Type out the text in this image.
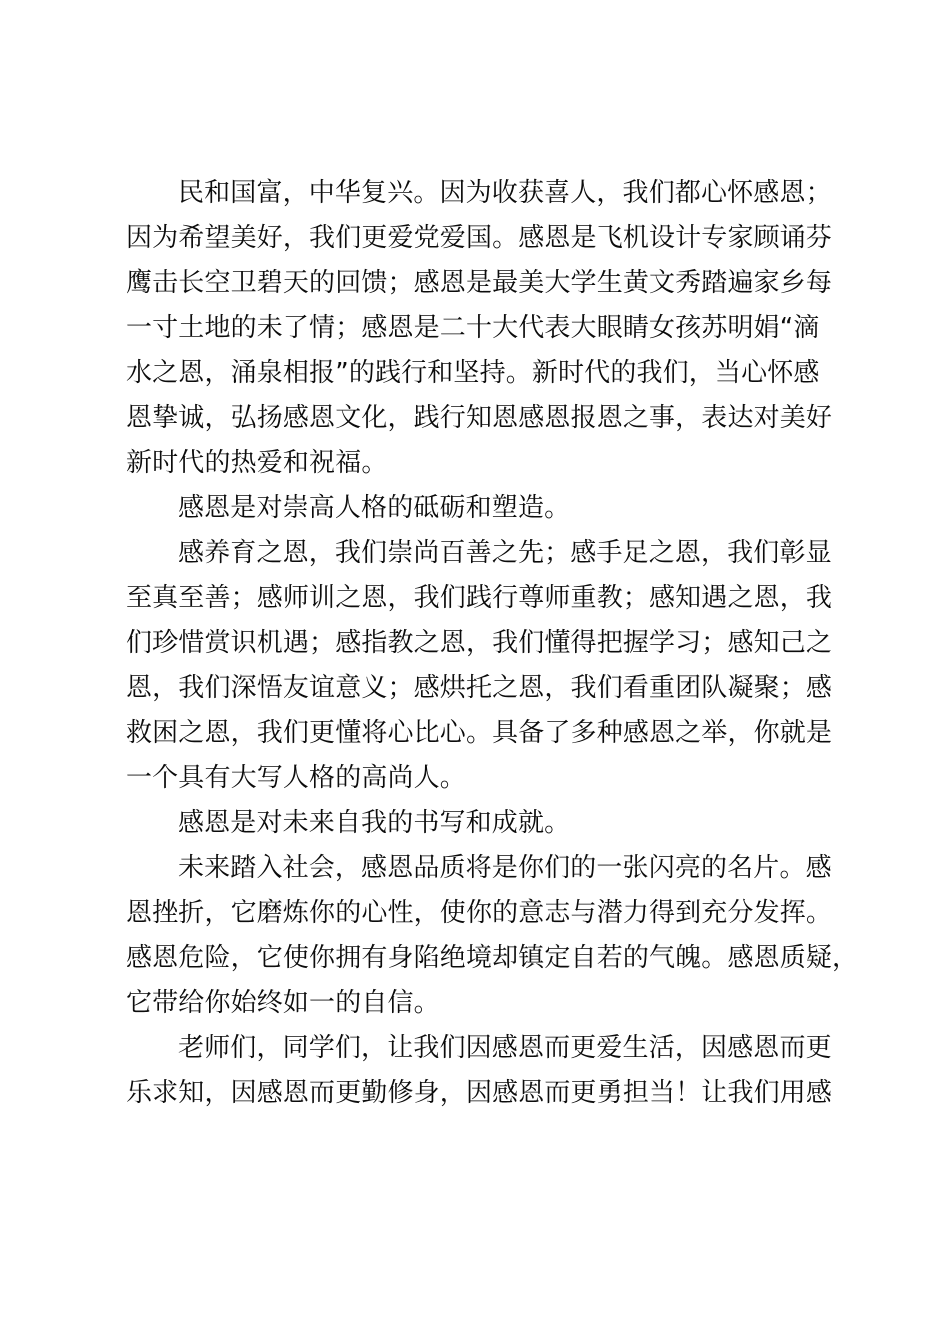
民和国富，中华复兴。因为收获喜人，我们都心怀感恩；
因为希望美好，我们更爱党爱国。感恩是飞机设计专家顾诵芬
鹰击长空卫碧天的回馈；感恩是最美大学生黄文秀踏遍家乡每
一寸土地的未了情；感恩是二十大代表大眼睛女孩苏明娟“滴
水之恩，涌泉相报”的践行和坚持。新时代的我们，当心怀感
恩挚诚，弘扬感恩文化，践行知恩感恩报恩之事，表达对美好
新时代的热爱和祝福。
感恩是对崇高人格的砥砺和塑造。
感养育之恩，我们崇尚百善之先；感手足之恩，我们彰显
至真至善；感师训之恩，我们践行尊师重教；感知遇之恩，我
们珍惜赏识机遇；感指教之恩，我们懂得把握学习；感知己之
恩，我们深悟友谊意义；感烘托之恩，我们看重团队凝聚；感
救困之恩，我们更懂将心比心。具备了多种感恩之举，你就是
一个具有大写人格的高尚人。
感恩是对未来自我的书写和成就。
未来踏入社会，感恩品质将是你们的一张闪亮的名片。感
恩挫折，它磨炼你的心性，使你的意志与潜力得到充分发挥。
感恩危险，它使你拥有身陷绝境却镇定自若的气魄。感恩质疑，
它带给你始终如一的自信。
老师们，同学们，让我们因感恩而更爱生活，因感恩而更
乐求知，因感恩而更勤修身，因感恩而更勇担当！让我们用感
